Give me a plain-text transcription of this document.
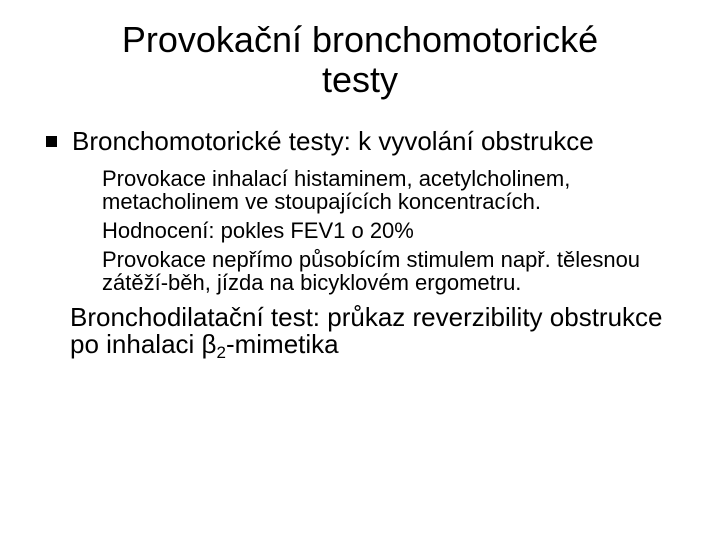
Provokační bronchomotorické
testy
Bronchomotorické testy: k vyvolání obstrukce
Provokace inhalací histaminem, acetylcholinem, metacholinem ve stoupajících koncentracích.
Hodnocení: pokles FEV1 o 20%
Provokace nepřímo působícím stimulem např. tělesnou zátěží-běh, jízda na bicyklovém ergometru.
Bronchodilatační test: průkaz reverzibility obstrukce po inhalaci $\beta_2$-mimetika
